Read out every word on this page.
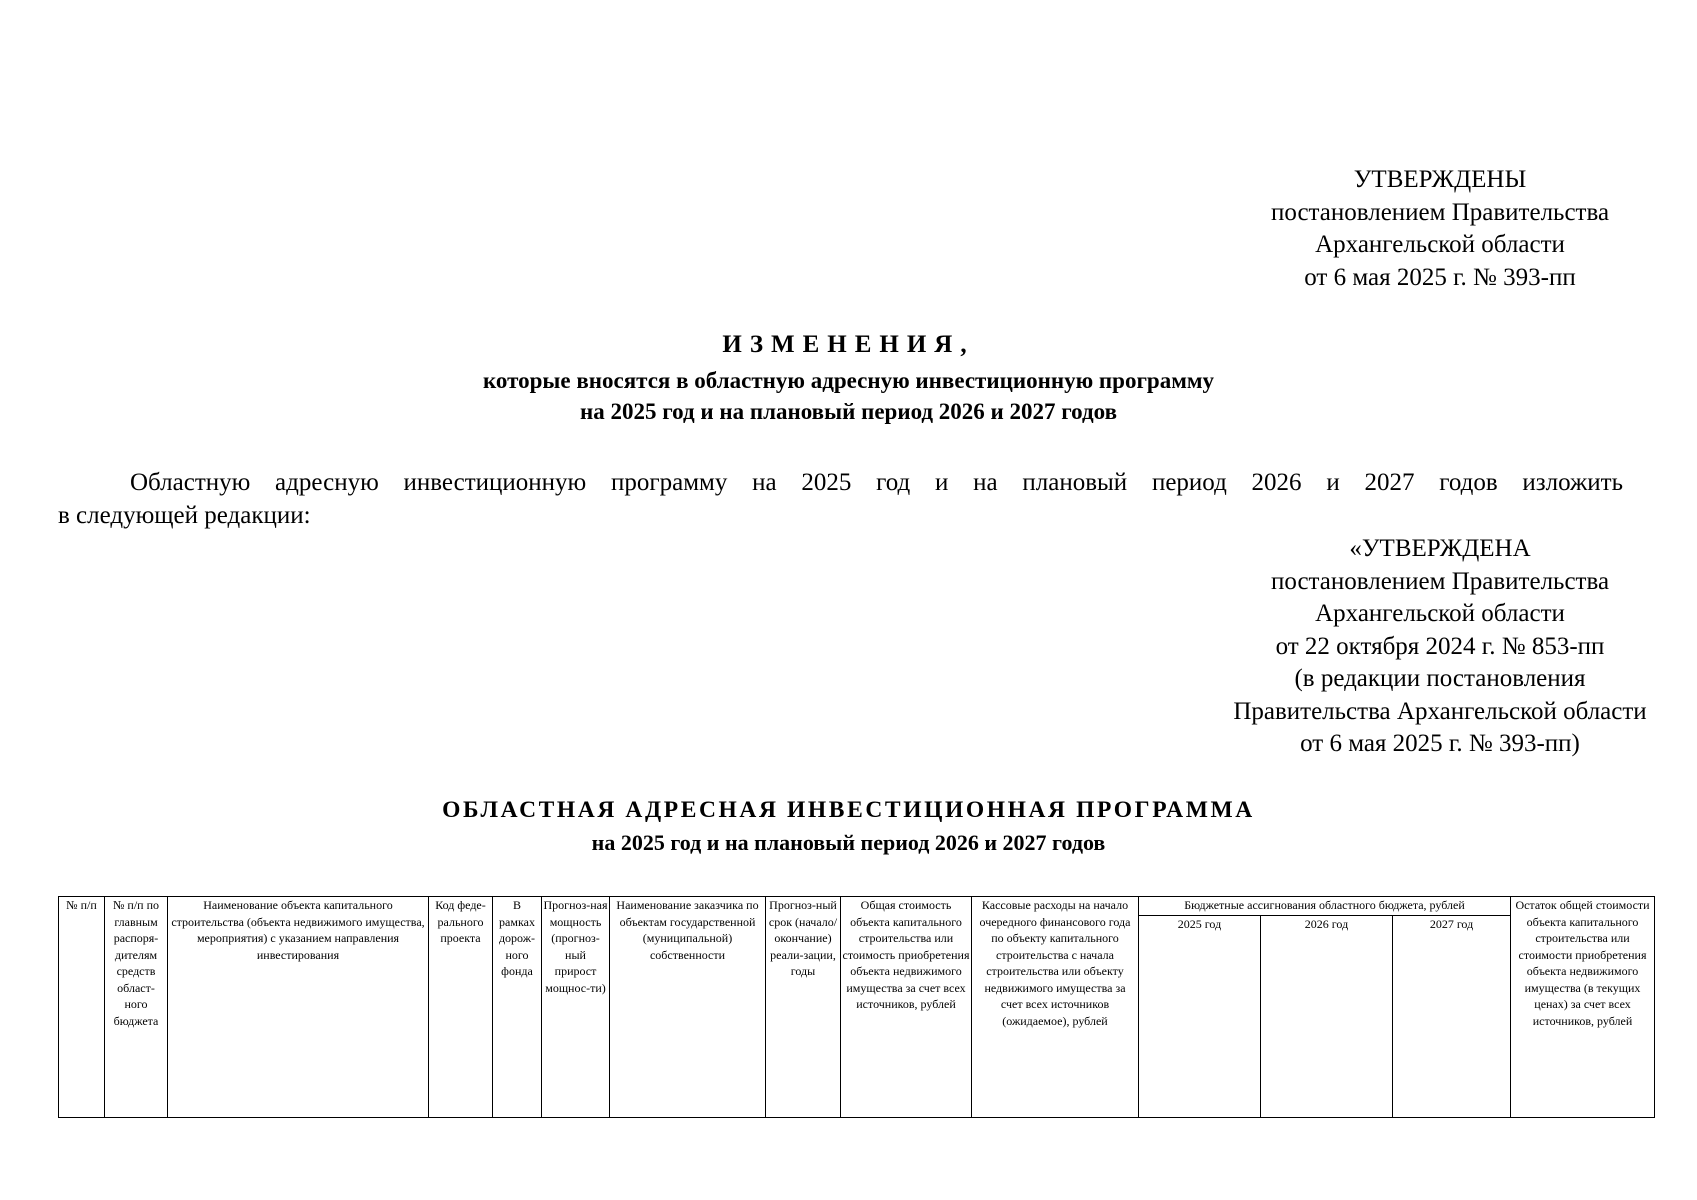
УТВЕРЖДЕНЫ
постановлением Правительства
Архангельской области
от 6 мая 2025 г. № 393-пп
ИЗМЕНЕНИЯ,
которые вносятся в областную адресную инвестиционную программу
на 2025 год и на плановый период 2026 и 2027 годов
Областную адресную инвестиционную программу на 2025 год и на плановый период 2026 и 2027 годов изложить
в следующей редакции:
«УТВЕРЖДЕНА
постановлением Правительства
Архангельской области
от 22 октября 2024 г. № 853-пп
(в редакции постановления
Правительства Архангельской области
от 6 мая 2025 г. № 393-пп)
ОБЛАСТНАЯ АДРЕСНАЯ ИНВЕСТИЦИОННАЯ ПРОГРАММА
на 2025 год и на плановый период 2026 и 2027 годов
№ п/п	№ п/п по главным распоря-дителям средств област-ного бюджета	Наименование объекта капитального строительства (объекта недвижимого имущества, мероприятия) с указанием направления инвестирования	Код феде-рального проекта	В рамках дорож-ного фонда	Прогноз-ная мощность (прогноз-ный прирост мощнос-ти)	Наименование заказчика по объектам государственной (муниципальной) собственности	Прогноз-ный срок (начало/ окончание) реали-зации, годы	Общая стоимость объекта капитального строительства или стоимость приобретения объекта недвижимого имущества за счет всех источников, рублей	Кассовые расходы на начало очередного финансового года по объекту капитального строительства с начала строительства или объекту недвижимого имущества за счет всех источников (ожидаемое), рублей	Бюджетные ассигнования областного бюджета, рублей			Остаток общей стоимости объекта капитального строительства или стоимости приобретения объекта недвижимого имущества (в текущих ценах) за счет всех источников, рублей
										2025 год	2026 год	2027 год	
